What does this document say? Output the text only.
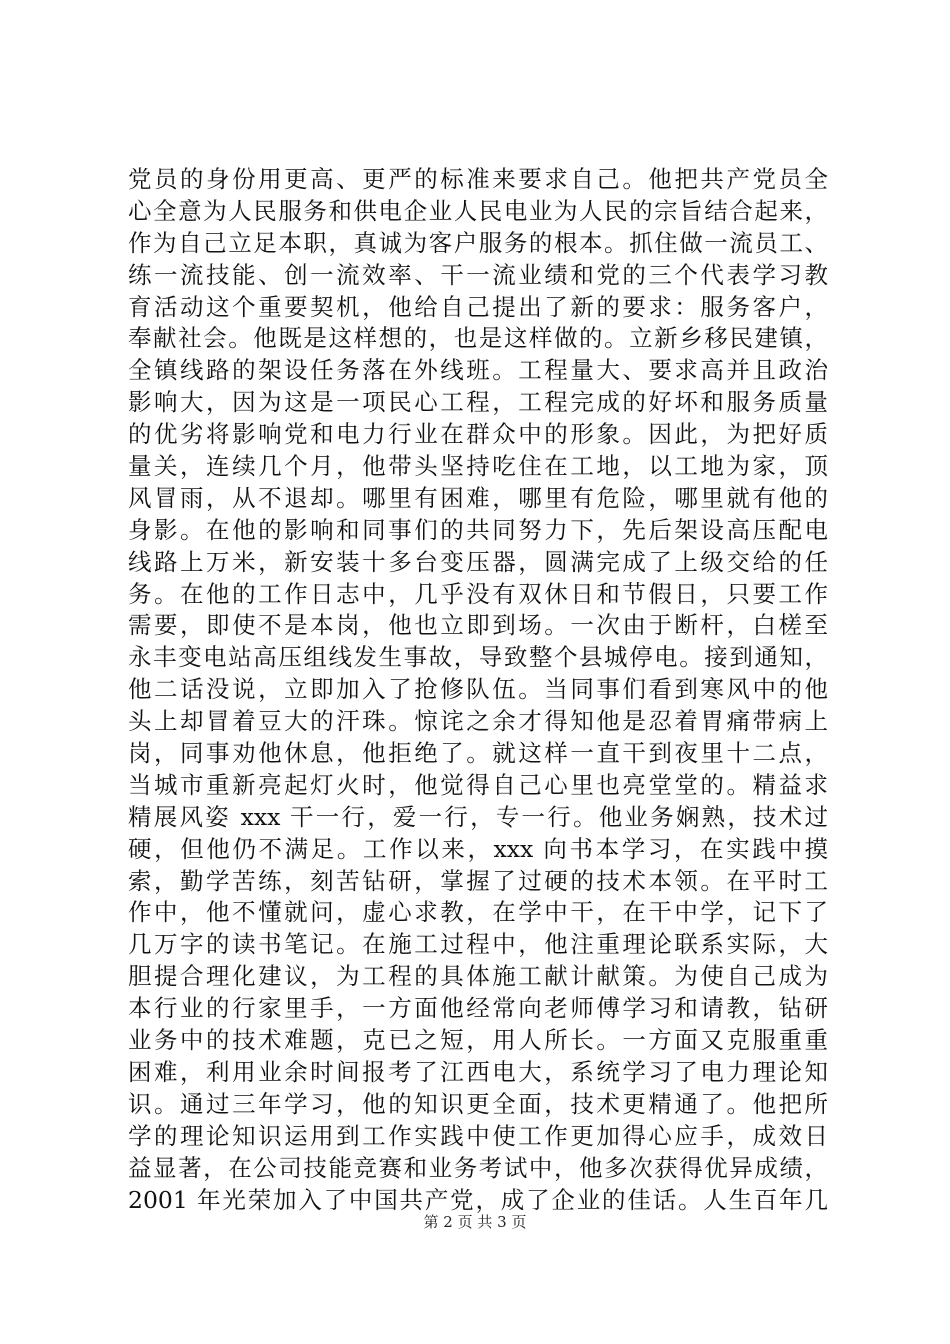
党员的身份用更高、更严的标准来要求自己。他把共产党员全
心全意为人民服务和供电企业人民电业为人民的宗旨结合起来，
作为自己立足本职，真诚为客户服务的根本。抓住做一流员工、
练一流技能、创一流效率、干一流业绩和党的三个代表学习教
育活动这个重要契机，他给自己提出了新的要求：服务客户，
奉献社会。他既是这样想的，也是这样做的。立新乡移民建镇，
全镇线路的架设任务落在外线班。工程量大、要求高并且政治
影响大，因为这是一项民心工程，工程完成的好坏和服务质量
的优劣将影响党和电力行业在群众中的形象。因此，为把好质
量关，连续几个月，他带头坚持吃住在工地，以工地为家，顶
风冒雨，从不退却。哪里有困难，哪里有危险，哪里就有他的
身影。在他的影响和同事们的共同努力下，先后架设高压配电
线路上万米，新安装十多台变压器，圆满完成了上级交给的任
务。在他的工作日志中，几乎没有双休日和节假日，只要工作
需要，即使不是本岗，他也立即到场。一次由于断杆，白槎至
永丰变电站高压组线发生事故，导致整个县城停电。接到通知，
他二话没说，立即加入了抢修队伍。当同事们看到寒风中的他
头上却冒着豆大的汗珠。惊诧之余才得知他是忍着胃痛带病上
岗，同事劝他休息，他拒绝了。就这样一直干到夜里十二点，
当城市重新亮起灯火时，他觉得自己心里也亮堂堂的。精益求
精展风姿 xxx 干一行，爱一行，专一行。他业务娴熟，技术过
硬，但他仍不满足。工作以来，xxx 向书本学习，在实践中摸
索，勤学苦练，刻苦钻研，掌握了过硬的技术本领。在平时工
作中，他不懂就问，虚心求教，在学中干，在干中学，记下了
几万字的读书笔记。在施工过程中，他注重理论联系实际，大
胆提合理化建议，为工程的具体施工献计献策。为使自己成为
本行业的行家里手，一方面他经常向老师傅学习和请教，钻研
业务中的技术难题，克已之短，用人所长。一方面又克服重重
困难，利用业余时间报考了江西电大，系统学习了电力理论知
识。通过三年学习，他的知识更全面，技术更精通了。他把所
学的理论知识运用到工作实践中使工作更加得心应手，成效日
益显著，在公司技能竞赛和业务考试中，他多次获得优异成绩，
2001 年光荣加入了中国共产党，成了企业的佳话。人生百年几
第 2 页 共 3 页
